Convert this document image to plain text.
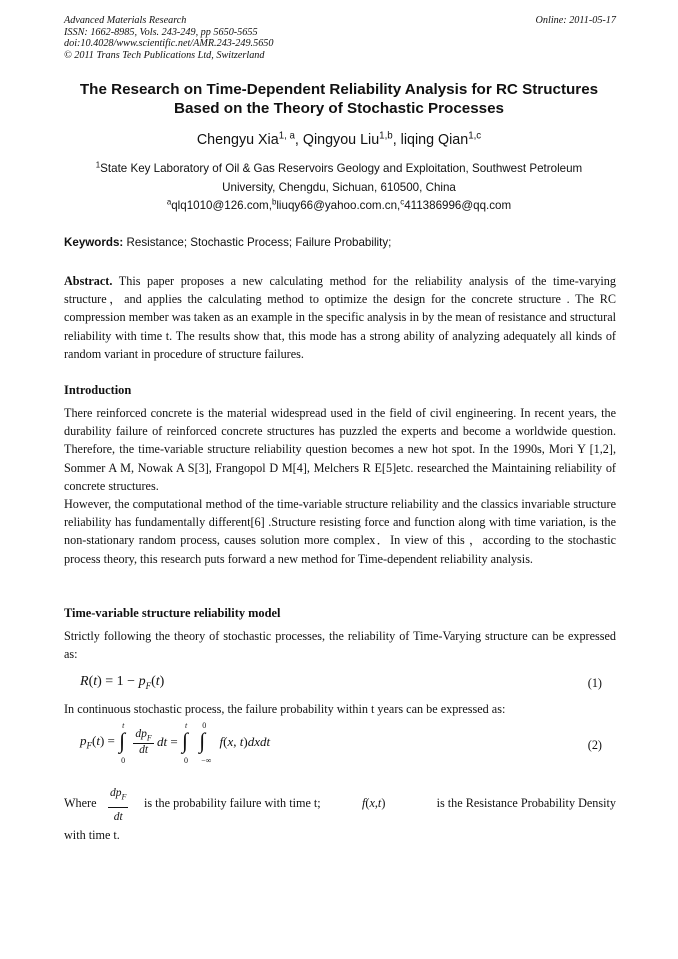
Advanced Materials Research
ISSN: 1662-8985, Vols. 243-249, pp 5650-5655
doi:10.4028/www.scientific.net/AMR.243-249.5650
© 2011 Trans Tech Publications Ltd, Switzerland
Online: 2011-05-17
The Research on Time-Dependent Reliability Analysis for RC Structures
Based on the Theory of Stochastic Processes
Chengyu Xia$^{1, a}$, Qingyou Liu$^{1,b}$, liqing Qian$^{1,c}$
$^1$State Key Laboratory of Oil & Gas Reservoirs Geology and Exploitation, Southwest Petroleum
University, Chengdu, Sichuan, 610500, China
$^a$qlq1010@126.com,$^b$liuqy66@yahoo.com.cn,$^c$411386996@qq.com
Keywords: Resistance; Stochastic Process; Failure Probability;
Abstract. This paper proposes a new calculating method for the reliability analysis of the time-varying structure，and applies the calculating method to optimize the design for the concrete structure . The RC compression member was taken as an example in the specific analysis in by the mean of resistance and structural reliability with time t. The results show that, this mode has a strong ability of analyzing adequately all kinds of random variant in procedure of structure failures.
Introduction
There reinforced concrete is the material widespread used in the field of civil engineering. In recent years, the durability failure of reinforced concrete structures has puzzled the experts and become a worldwide question. Therefore, the time-variable structure reliability question becomes a new hot spot. In the 1990s, Mori Y [1,2], Sommer A M, Nowak A S[3], Frangopol D M[4], Melchers R E[5]etc. researched the Maintaining reliability of concrete structures.
However, the computational method of the time-variable structure reliability and the classics invariable structure reliability has fundamentally different[6] .Structure resisting force and function along with time variation, is the non-stationary random process, causes solution more complex．In view of this ，according to the stochastic process theory, this research puts forward a new method for Time-dependent reliability analysis.
Time-variable structure reliability model
Strictly following the theory of stochastic processes, the reliability of Time-Varying structure can be expressed as:
$R(t) = 1 - p_F(t)$	(1)
In continuous stochastic process, the failure probability within t years can be expressed as:
$p_F(t)$ = ∫
t
0

$\frac{dp_F}{dt}$ dt = ∫
t
0

∫
0
−∞
f(x, t)dxdt	(2)
Where
$dp_F$
dt
is the probability failure with time t;	f(x,t)	is the Resistance Probability Density
with time t.
